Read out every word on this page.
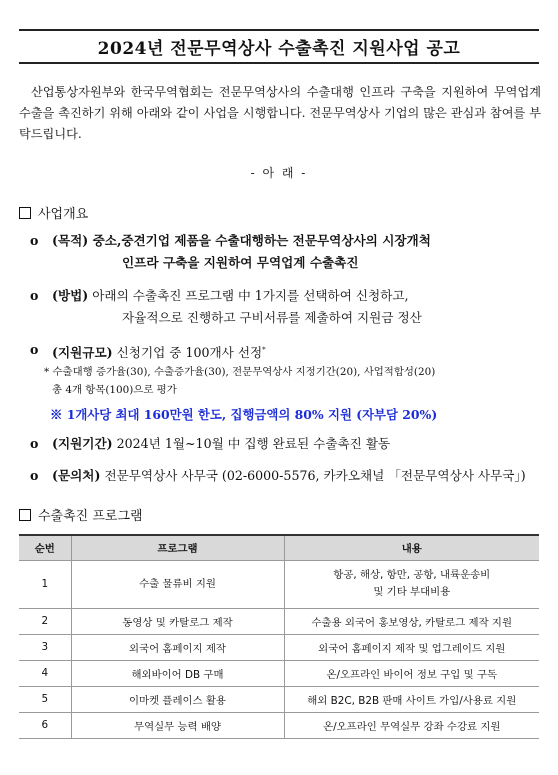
2024년 전문무역상사 수출촉진 지원사업 공고

산업통상자원부와 한국무역협회는 전문무역상사의 수출대행 인프라 구축을 지원하여 무역업계 수출을 촉진하기 위해 아래와 같이 사업을 시행합니다. 전문무역상사 기업의 많은 관심과 참여를 부탁드립니다.

- 아 래 -
사업개요
o	(목적) 중소,중견기업 제품을 수출대행하는 전문무역상사의 시장개척
인프라 구축을 지원하여 무역업계 수출촉진
o	(방법) 아래의 수출촉진 프로그램 中 1가지를 선택하여 신청하고,
자율적으로 진행하고 구비서류를 제출하여 지원금 정산
o	(지원규모) 신청기업 중 100개사 선정*
* 수출대행 증가율(30), 수출증가율(30), 전문무역상사 지정기간(20), 사업적합성(20)
총 4개 항목(100)으로 평가
※ 1개사당 최대 160만원 한도, 집행금액의 80% 지원 (자부담 20%)
o	(지원기간) 2024년 1월~10월 中 집행 완료된 수출촉진 활동
o	(문의처) 전문무역상사 사무국 (02-6000-5576, 카카오채널 「전문무역상사 사무국」)
수출촉진 프로그램
순번	프로그램	내용
1	수출 물류비 지원	항공, 해상, 항만, 공항, 내륙운송비
및 기타 부대비용

2	동영상 및 카탈로그 제작	수출용 외국어 홍보영상, 카탈로그 제작 지원
3	외국어 홈페이지 제작	외국어 홈페이지 제작 및 업그레이드 지원
4	해외바이어 DB 구매	온/오프라인 바이어 정보 구입 및 구독
5	이마켓 플레이스 활용	해외 B2C, B2B 판매 사이트 가입/사용료 지원
6	무역실무 능력 배양	온/오프라인 무역실무 강좌 수강료 지원
